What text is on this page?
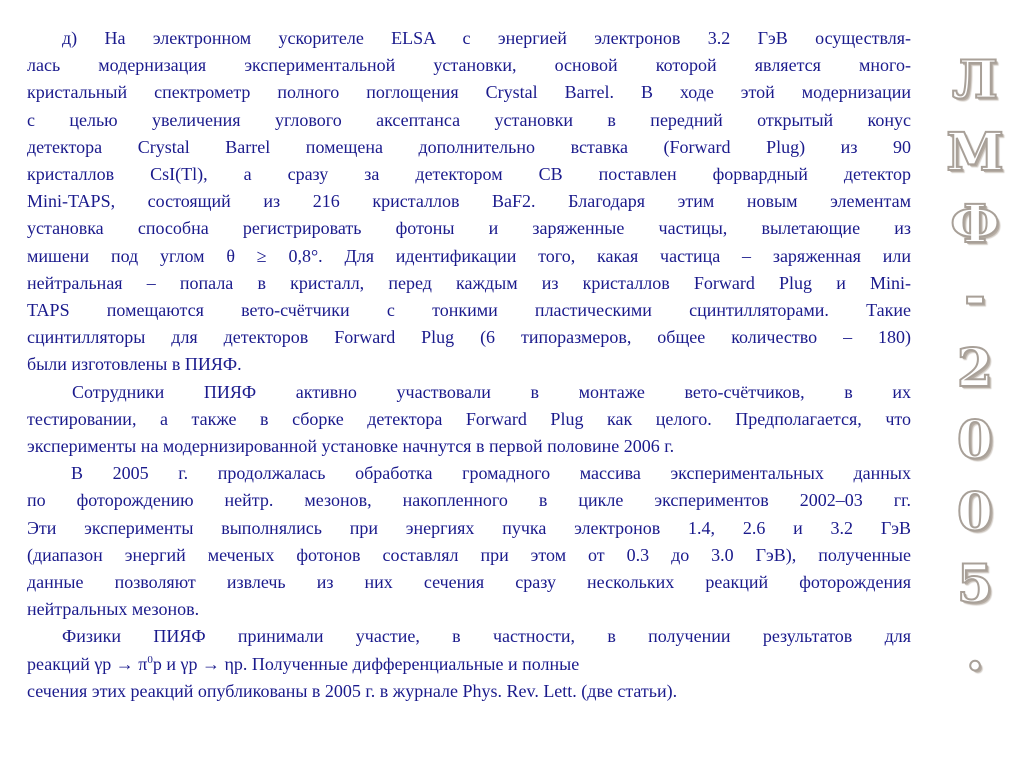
д) На электронном ускорителе ELSA с энергией электронов 3.2 ГэВ осуществля-
лась модернизация экспериментальной установки, основой которой является много-
кристальный спектрометр полного поглощения Crystal Barrel. В ходе этой модернизации
с целью увеличения углового аксептанса установки в передний открытый конус
детектора Crystal Barrel помещена дополнительно вставка (Forward Plug) из 90
кристаллов CsI(Tl), а сразу за детектором CB поставлен форвардный детектор
Mini-TAPS, состоящий из 216 кристаллов BaF2. Благодаря этим новым элементам
установка способна регистрировать фотоны и заряженные частицы, вылетающие из
мишени под углом θ ≥ 0,8°. Для идентификации того, какая частица – заряженная или
нейтральная – попала в кристалл, перед каждым из кристаллов Forward Plug и Mini-
TAPS помещаются вето-счётчики с тонкими пластическими сцинтилляторами. Такие
сцинтилляторы для детекторов Forward Plug (6 типоразмеров, общее количество – 180)
были изготовлены в ПИЯФ.

Сотрудники ПИЯФ активно участвовали в монтаже вето-счётчиков, в их
тестировании, а также в сборке детектора Forward Plug как целого. Предполагается, что
эксперименты на модернизированной установке начнутся в первой половине 2006 г.

В 2005 г. продолжалась обработка громадного массива экспериментальных данных
по фоторождению нейтр. мезонов, накопленного в цикле экспериментов 2002–03 гг.
Эти эксперименты выполнялись при энергиях пучка электронов 1.4, 2.6 и 3.2 ГэВ
(диапазон энергий меченых фотонов составлял при этом от 0.3 до 3.0 ГэВ), полученные
данные позволяют извлечь из них сечения сразу нескольких реакций фоторождения
нейтральных мезонов.

Физики ПИЯФ принимали участие, в частности, в получении результатов для
реакций $\gamma p \to \pi^0p$ и γp → ηp. Полученные дифференциальные и полные
сечения этих реакций опубликованы в 2005 г. в журнале Phys. Rev. Lett. (две статьи).

Л
М
Ф
-
2
0
0
5
.
